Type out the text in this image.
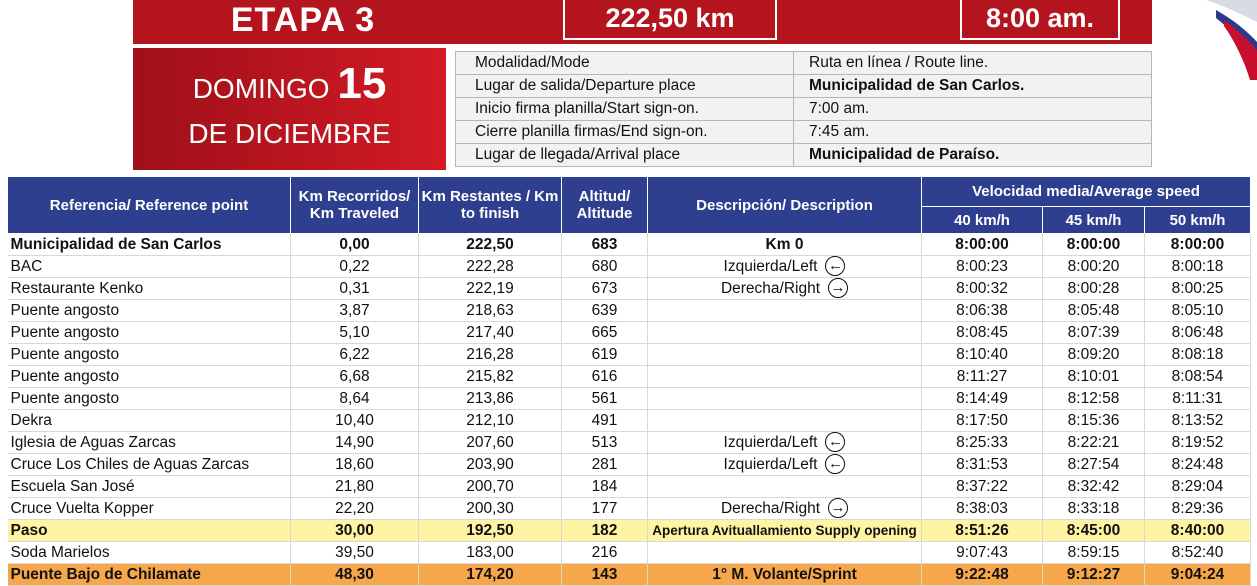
ETAPA 3	222,50 km	8:00 am.
DOMINGO 15
DE DICIEMBRE
Modalidad/Mode	Ruta en línea / Route line.
Lugar de salida/Departure place	Municipalidad de San Carlos.
Inicio firma planilla/Start sign-on.	7:00 am.
Cierre planilla firmas/End sign-on.	7:45 am.
Lugar de llegada/Arrival place	Municipalidad de Paraíso.
Referencia/ Reference point	Km Recorridos/ Km Traveled	Km Restantes / Km to finish	Altitud/ Altitude	Descripción/ Description	Velocidad media/Average speed		
					40 km/h	45 km/h	50 km/h
Municipalidad de San Carlos	0,00	222,50	683	Km 0	8:00:00	8:00:00	8:00:00
BAC	0,22	222,28	680	Izquierda/Left ←	8:00:23	8:00:20	8:00:18
Restaurante Kenko	0,31	222,19	673	Derecha/Right →	8:00:32	8:00:28	8:00:25
Puente angosto	3,87	218,63	639		8:06:38	8:05:48	8:05:10
Puente angosto	5,10	217,40	665		8:08:45	8:07:39	8:06:48
Puente angosto	6,22	216,28	619		8:10:40	8:09:20	8:08:18
Puente angosto	6,68	215,82	616		8:11:27	8:10:01	8:08:54
Puente angosto	8,64	213,86	561		8:14:49	8:12:58	8:11:31
Dekra	10,40	212,10	491		8:17:50	8:15:36	8:13:52
Iglesia de Aguas Zarcas	14,90	207,60	513	Izquierda/Left ←	8:25:33	8:22:21	8:19:52
Cruce Los Chiles de Aguas Zarcas	18,60	203,90	281	Izquierda/Left ←	8:31:53	8:27:54	8:24:48
Escuela San José	21,80	200,70	184		8:37:22	8:32:42	8:29:04
Cruce Vuelta Kopper	22,20	200,30	177	Derecha/Right →	8:38:03	8:33:18	8:29:36
Paso	30,00	192,50	182	Apertura Avituallamiento Supply opening	8:51:26	8:45:00	8:40:00
Soda Marielos	39,50	183,00	216		9:07:43	8:59:15	8:52:40
Puente Bajo de Chilamate	48,30	174,20	143	1° M. Volante/Sprint	9:22:48	9:12:27	9:04:24
